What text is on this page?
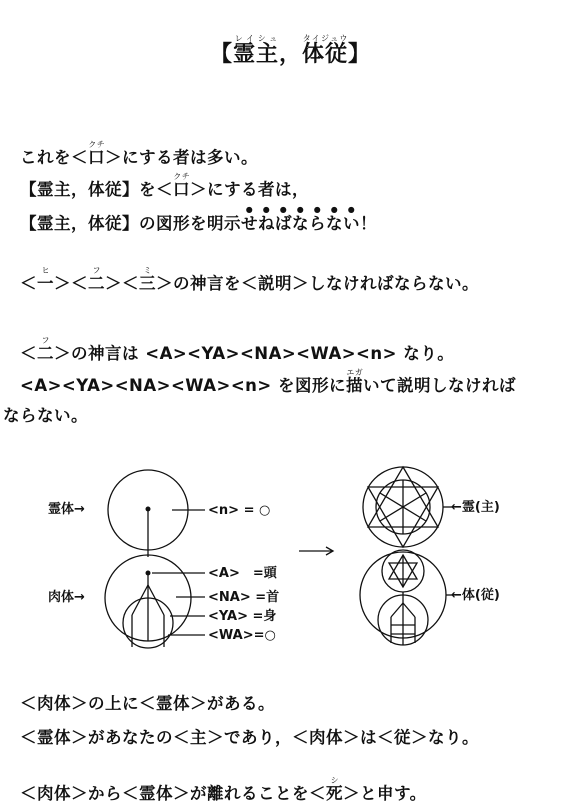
【霊主レイシュ，体従タイジュウ】
これを＜口クチ＞にする者は多い。
【霊主，体従】を＜口クチ＞にする者は，
【霊主，体従】の図形を明示せねばならない！
＜一ヒ＞＜二フ＞＜三ミ＞の神言を＜説明＞しなければならない。
＜二フ＞の神言は <A><YA><NA><WA><n> なり。
<A><YA><NA><WA><n> を図形に描エガいて説明しなければ
ならない。
霊体→
肉体→
<n> = ○
<A>　=頭
<NA> =首
<YA> =身
<WA>=○
←霊(主)
←体(従)
＜肉体＞の上に＜霊体＞がある。
＜霊体＞があなたの＜主＞であり，＜肉体＞は＜従＞なり。
＜肉体＞から＜霊体＞が離れることを＜死シ＞と申す。
